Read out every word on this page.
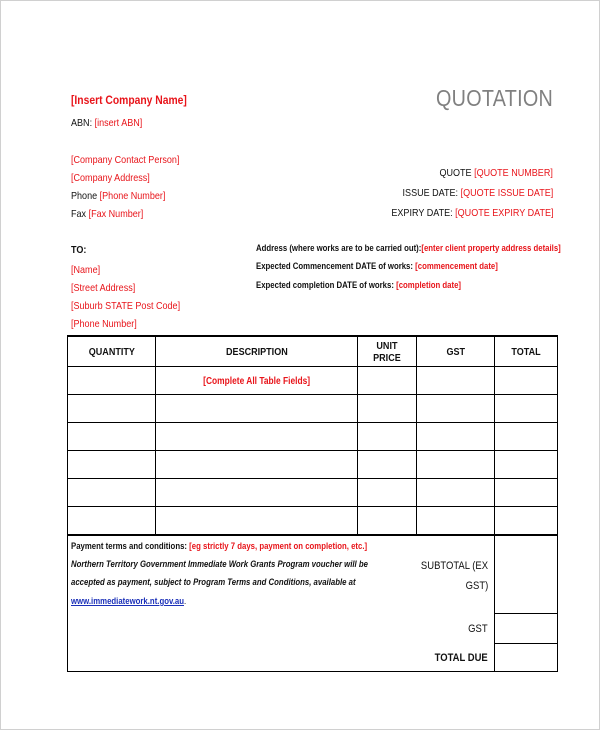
QUOTATION
[Insert Company Name]
ABN: [insert ABN]
[Company Contact Person]
[Company Address]
Phone [Phone Number]
Fax [Fax Number]
QUOTE [QUOTE NUMBER]
ISSUE DATE: [QUOTE ISSUE DATE]
EXPIRY DATE: [QUOTE EXPIRY DATE]
TO:
[Name]
[Street Address]
[Suburb STATE Post Code]
[Phone Number]
Address (where works are to be carried out):[enter client property address details]
Expected Commencement DATE of works: [commencement date]
Expected completion DATE of works: [completion date]
QUANTITY	DESCRIPTION	UNIT PRICE	GST	TOTAL
	[Complete All Table Fields]			

Payment terms and conditions: [eg strictly 7 days, payment on completion, etc.]
Northern Territory Government Immediate Work Grants Program voucher will be
accepted as payment, subject to Program Terms and Conditions, available at
www.immediatework.nt.gov.au.
SUBTOTAL (EX
GST)
GST
TOTAL DUE
